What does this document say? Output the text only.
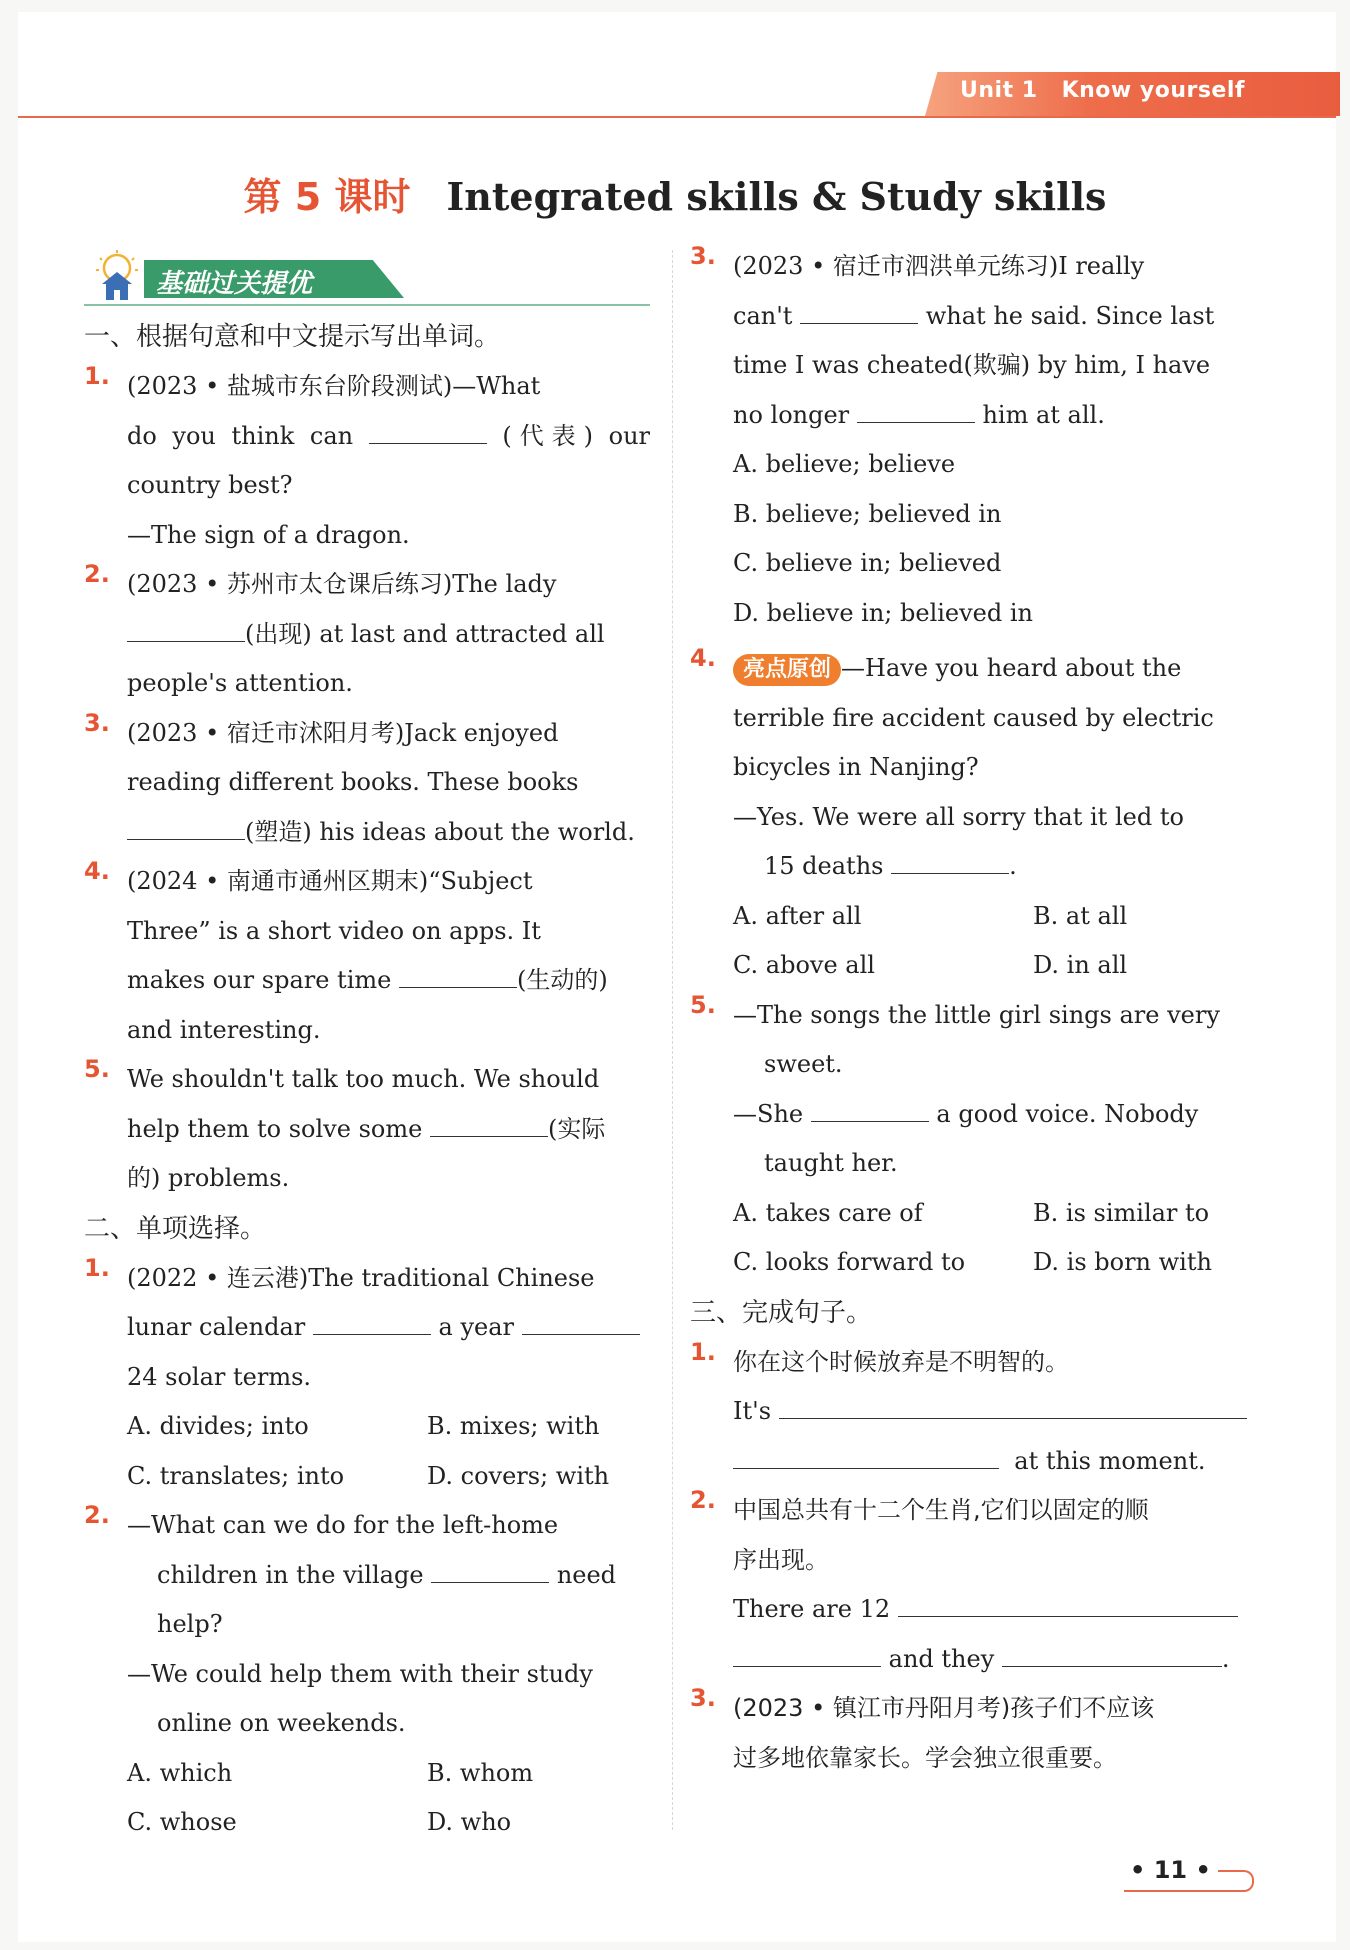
Unit 1 Know yourself
第 5 课时 Integrated skills & Study skills
基础过关提优
一、根据句意和中文提示写出单词。
1. (2023 • 盐城市东台阶段测试)—What
do you think can	(代表) our
country best?
—The sign of a dragon.
2. (2023 • 苏州市太仓课后练习)The lady
(出现) at last and attracted all
people's attention.
3. (2023 • 宿迁市沭阳月考)Jack enjoyed
reading different books. These books
(塑造) his ideas about the world.
4. (2024 • 南通市通州区期末)“Subject
Three” is a short video on apps. It
makes our spare time	(生动的)
and interesting.
5. We shouldn't talk too much. We should
help them to solve some	(实际
的) problems.
二、单项选择。
1. (2022 • 连云港)The traditional Chinese
lunar calendar	a year
24 solar terms.
A. divides; into	B. mixes; with
C. translates; into	D. covers; with
2. —What can we do for the left-home
children in the village	need
help?
—We could help them with their study
online on weekends.
A. which	B. whom
C. whose	D. who
3. (2023 • 宿迁市泗洪单元练习)I really
can't	what he said. Since last
time I was cheated(欺骗) by him, I have
no longer	him at all.
A. believe; believe
B. believe; believed in
C. believe in; believed
D. believe in; believed in
4.	亮点原创 —Have you heard about the
terrible fire accident caused by electric
bicycles in Nanjing?
—Yes. We were all sorry that it led to
15 deaths	.
A. after all	B. at all
C. above all	D. in all
5. —The songs the little girl sings are very
sweet.
—She	a good voice. Nobody
taught her.
A. takes care of	B. is similar to
C. looks forward to	D. is born with
三、完成句子。
1. 你在这个时候放弃是不明智的。
It's
at this moment.
2. 中国总共有十二个生肖,它们以固定的顺
序出现。
There are 12
and they	.
3. (2023 • 镇江市丹阳月考)孩子们不应该
过多地依靠家长。学会独立很重要。
• 11 •
